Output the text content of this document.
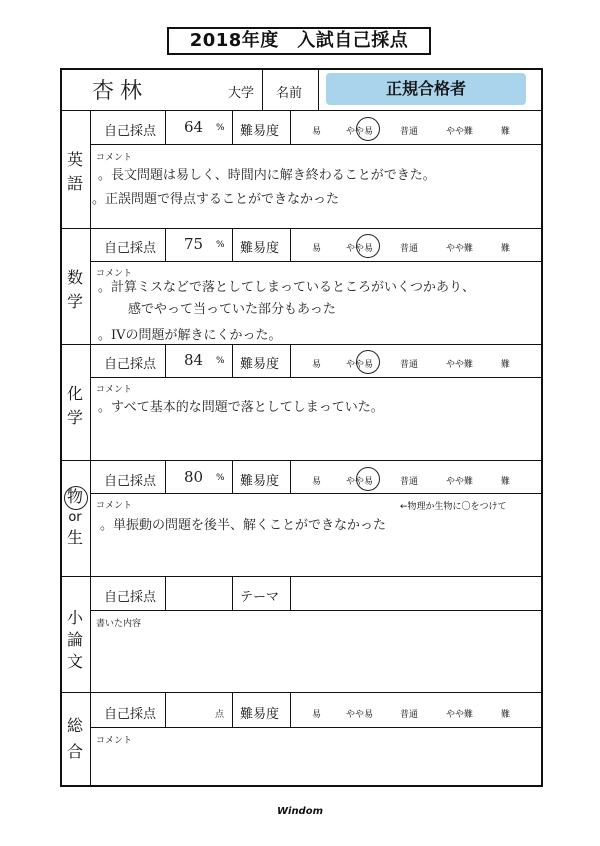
2018年度　入試自己採点
杏林	大学 名前	正規合格者
英
語
自己採点 64 % 難易度	易	やや易	普通	やや難	難
コメント
。長文問題は易しく、時間内に解き終わることができた。
。正誤問題で得点することができなかった
数
学
自己採点 75 % 難易度	易	やや易	普通	やや難	難
コメント
。計算ミスなどで落としてしまっているところがいくつかあり、
感でやって当っていた部分もあった
。IVの問題が解きにくかった。
化
学
自己採点 84 % 難易度	易	やや易	普通	やや難	難
コメント
。すべて基本的な問題で落としてしまっていた。
物
or
生
自己採点 80 % 難易度	易	やや易	普通	やや難	難
コメント	←物理か生物に〇をつけて
。単振動の問題を後半、解くことができなかった
小
論
文
自己採点	テーマ
書いた内容
総
合
自己採点	点 難易度	易	やや易	普通	やや難	難
コメント
Windom
